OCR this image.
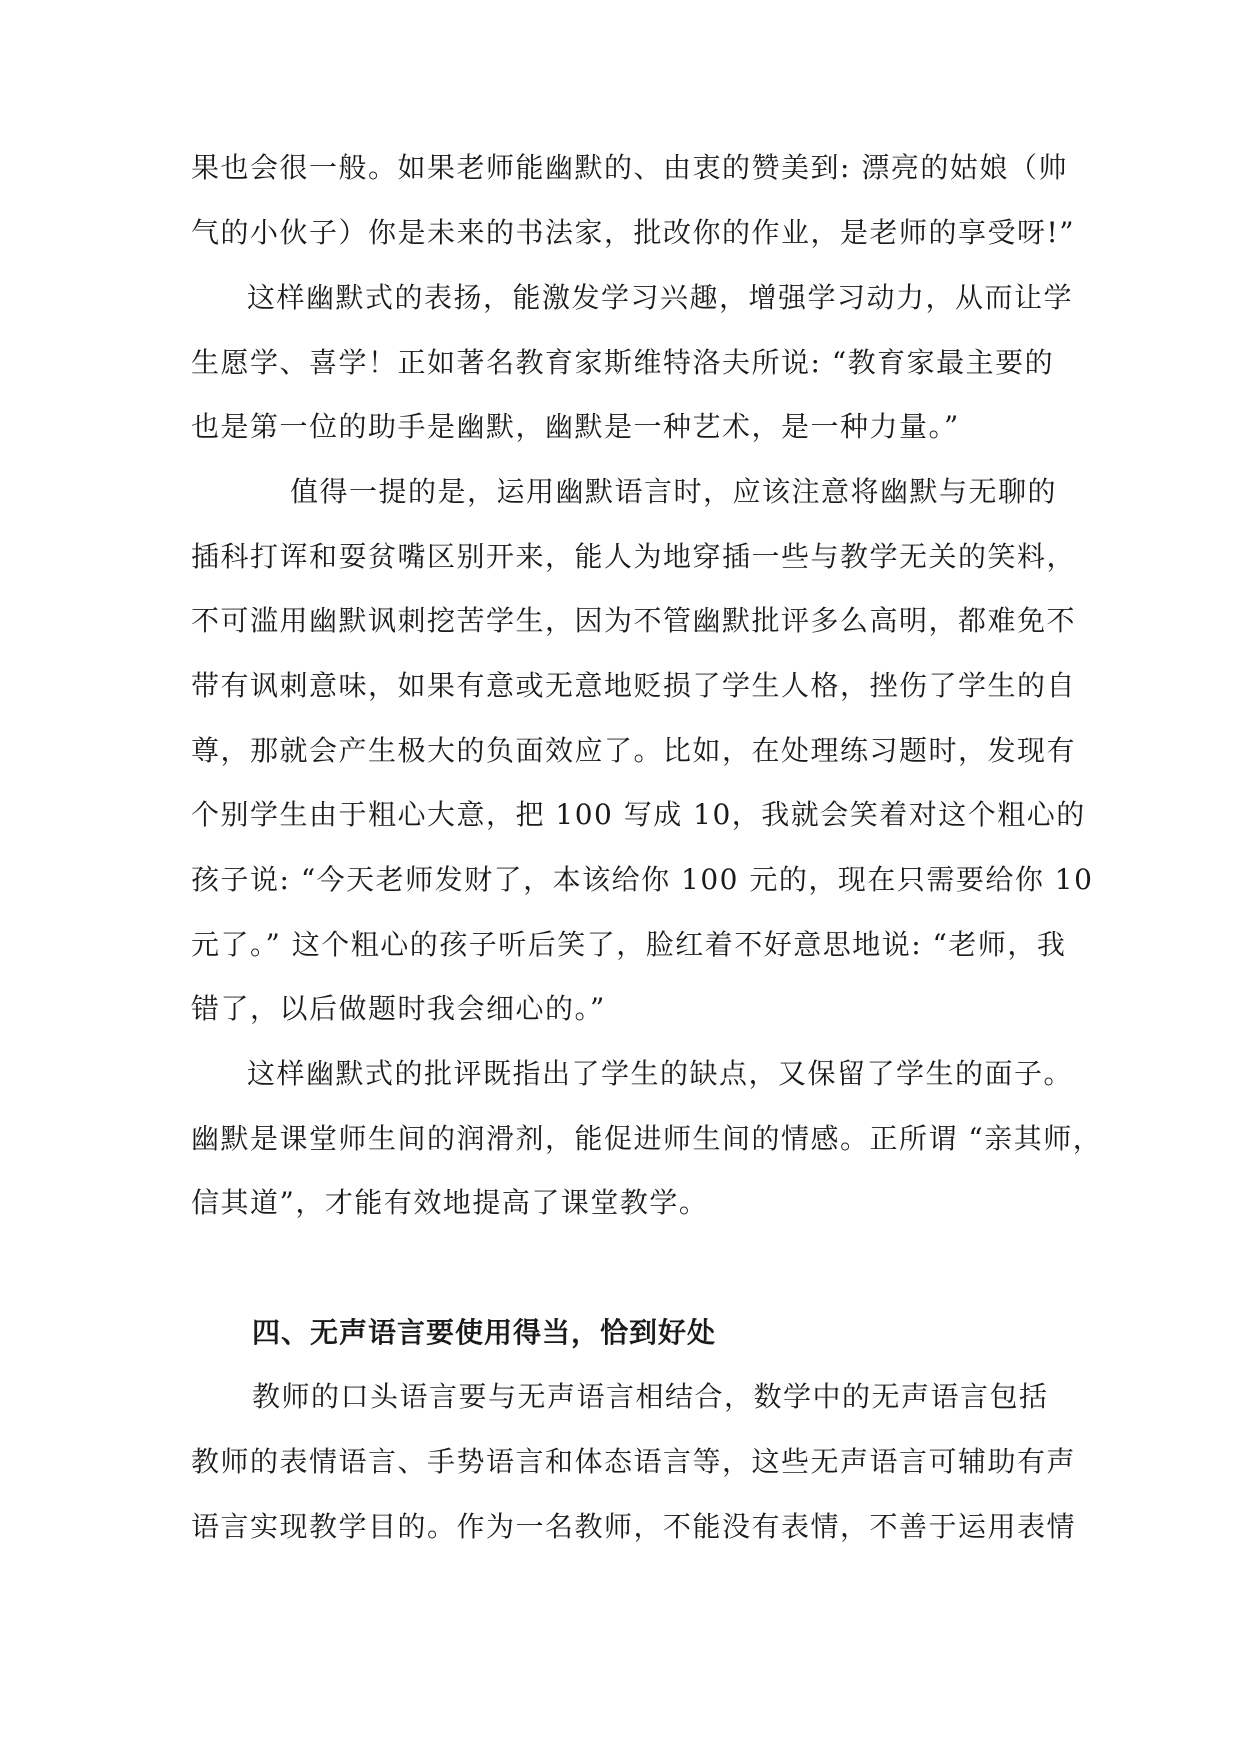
果也会很一般。如果老师能幽默的、由衷的赞美到: 漂亮的姑娘（帅
气的小伙子）你是未来的书法家，批改你的作业，是老师的享受呀!”
这样幽默式的表扬，能激发学习兴趣，增强学习动力，从而让学
生愿学、喜学！正如著名教育家斯维特洛夫所说: “教育家最主要的
也是第一位的助手是幽默，幽默是一种艺术，是一种力量。”
值得一提的是，运用幽默语言时，应该注意将幽默与无聊的
插科打诨和耍贫嘴区别开来，能人为地穿插一些与教学无关的笑料，
不可滥用幽默讽刺挖苦学生，因为不管幽默批评多么高明，都难免不
带有讽刺意味，如果有意或无意地贬损了学生人格，挫伤了学生的自
尊，那就会产生极大的负面效应了。比如，在处理练习题时，发现有
个别学生由于粗心大意，把 100 写成 10，我就会笑着对这个粗心的
孩子说: “今天老师发财了，本该给你 100 元的，现在只需要给你 10
元了。” 这个粗心的孩子听后笑了，脸红着不好意思地说: “老师，我
错了，以后做题时我会细心的。”
这样幽默式的批评既指出了学生的缺点，又保留了学生的面子。
幽默是课堂师生间的润滑剂，能促进师生间的情感。正所谓 “亲其师，
信其道”，才能有效地提高了课堂教学。
四、无声语言要使用得当，恰到好处
教师的口头语言要与无声语言相结合，数学中的无声语言包括
教师的表情语言、手势语言和体态语言等，这些无声语言可辅助有声
语言实现教学目的。作为一名教师，不能没有表情，不善于运用表情
